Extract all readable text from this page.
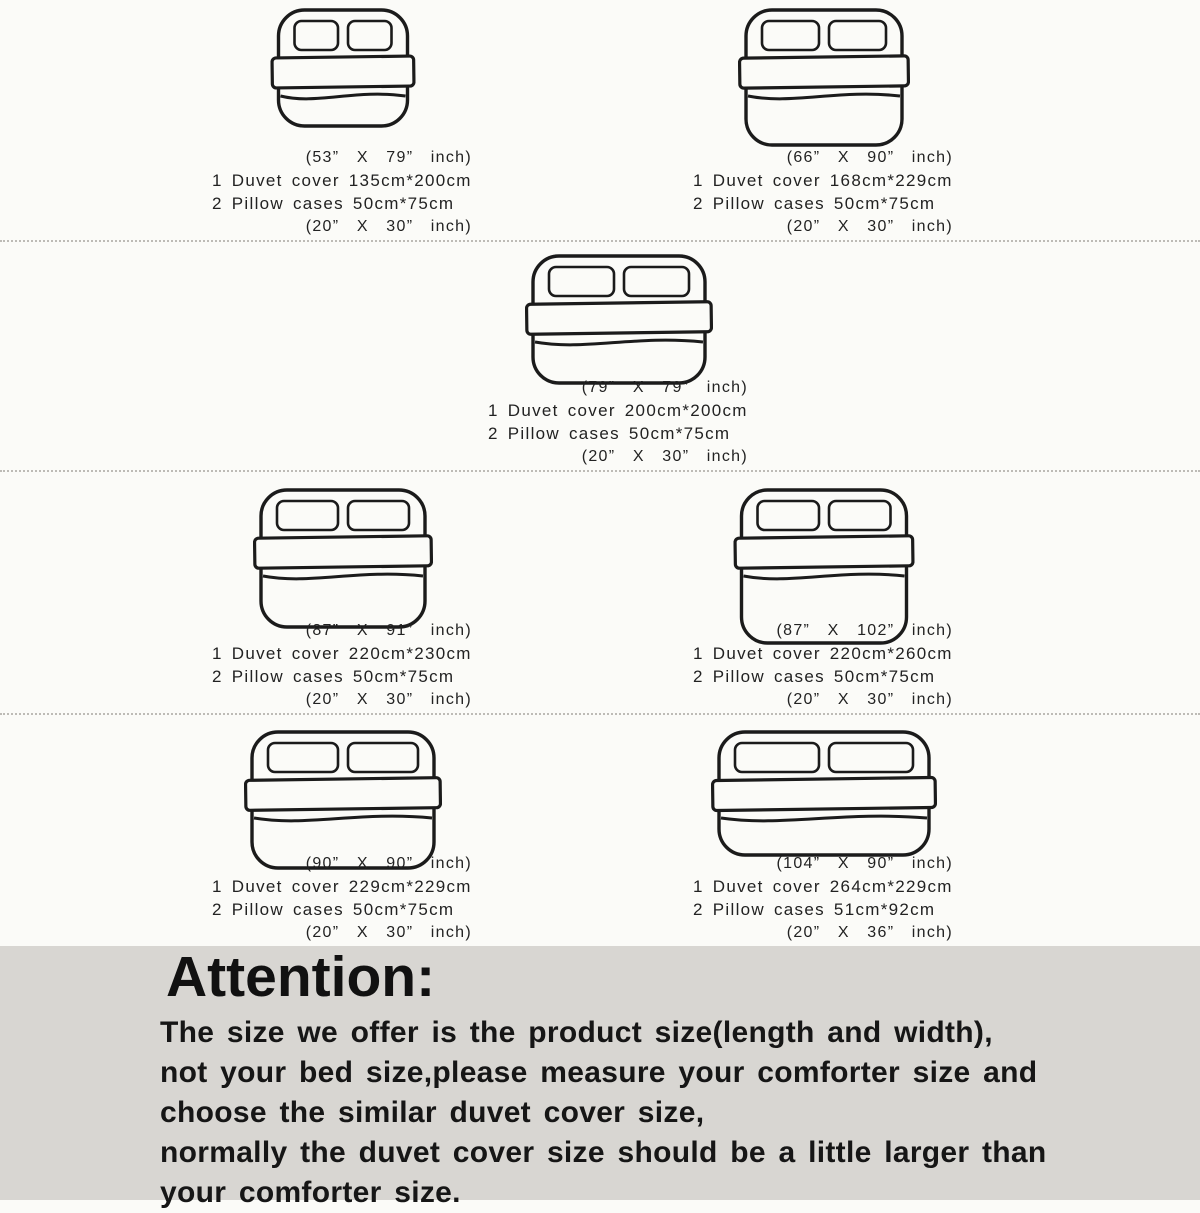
(53”  X  79”  inch)
1 Duvet cover 135cm*200cm
2 Pillow cases 50cm*75cm
(20”  X  30”  inch)
(66”  X  90”  inch)
1 Duvet cover 168cm*229cm
2 Pillow cases 50cm*75cm
(20”  X  30”  inch)
(79”  X  79”  inch)
1 Duvet cover 200cm*200cm
2 Pillow cases 50cm*75cm
(20”  X  30”  inch)
(87”  X  91”  inch)
1 Duvet cover 220cm*230cm
2 Pillow cases 50cm*75cm
(20”  X  30”  inch)
(87”  X  102”  inch)
1 Duvet cover 220cm*260cm
2 Pillow cases 50cm*75cm
(20”  X  30”  inch)
(90”  X  90”  inch)
1 Duvet cover 229cm*229cm
2 Pillow cases 50cm*75cm
(20”  X  30”  inch)
(104”  X  90”  inch)
1 Duvet cover 264cm*229cm
2 Pillow cases 51cm*92cm
(20”  X  36”  inch)
Attention:

The size we offer is the product size(length and width),

not your bed size,please measure your comforter size and

choose the similar duvet cover size,

normally the duvet cover size should be a little larger than

your comforter size.
